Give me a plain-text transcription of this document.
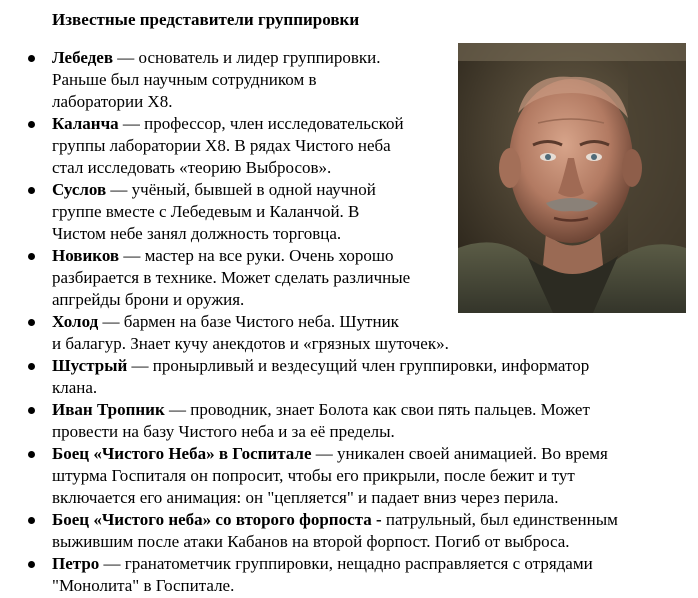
Известные представители группировки
Лебедев — основатель и лидер группировки.
Раньше был научным сотрудником в
лаборатории Х8.
Каланча — профессор, член исследовательской
группы лаборатории Х8. В рядах Чистого неба
стал исследовать «теорию Выбросов».
Суслов — учёный, бывшей в одной научной
группе вместе с Лебедевым и Каланчой. В
Чистом небе занял должность торговца.
Новиков — мастер на все руки. Очень хорошо
разбирается в технике. Может сделать различные
апгрейды брони и оружия.
Холод — бармен на базе Чистого неба. Шутник
и балагур. Знает кучу анекдотов и «грязных шуточек».
Шустрый — пронырливый и вездесущий член группировки, информатор
клана.
Иван Тропник — проводник, знает Болота как свои пять пальцев. Может
провести на базу Чистого неба и за её пределы.
Боец «Чистого Неба» в Госпитале — уникален своей анимацией. Во время
штурма Госпиталя он попросит, чтобы его прикрыли, после бежит и тут
включается его анимация: он "цепляется" и падает вниз через перила.
Боец «Чистого неба» со второго форпоста - патрульный, был единственным
выжившим после атаки Кабанов на второй форпост. Погиб от выброса.
Петро — гранатометчик группировки, нещадно расправляется с отрядами
"Монолита" в Госпитале.
